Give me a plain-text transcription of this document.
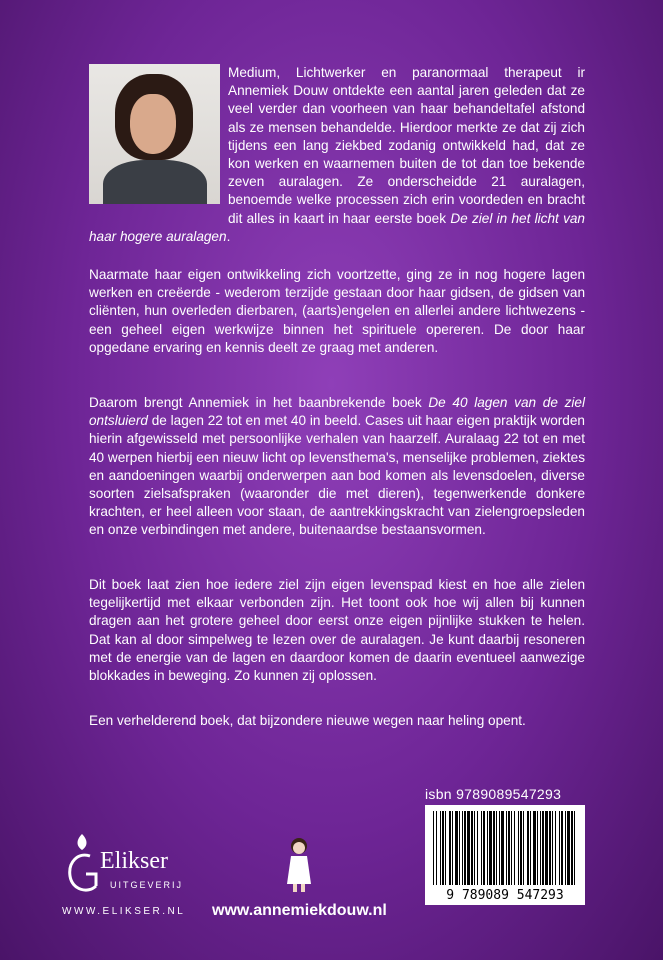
Medium, Lichtwerker en paranormaal therapeut ir Annemiek Douw ontdekte een aantal jaren geleden dat ze veel verder dan voorheen van haar behandeltafel afstond als ze mensen behandelde. Hierdoor merkte ze dat zij zich tijdens een lang ziekbed zodanig ontwikkeld had, dat ze kon werken en waarnemen buiten de tot dan toe bekende zeven auralagen. Ze onderscheidde 21 auralagen, benoemde welke processen zich erin voordeden en bracht dit alles in kaart in haar eerste boek De ziel in het licht van haar hogere auralagen.

Naarmate haar eigen ontwikkeling zich voortzette, ging ze in nog hogere lagen werken en creëerde - wederom terzijde gestaan door haar gidsen, de gidsen van cliënten, hun overleden dierbaren, (aarts)engelen en allerlei andere lichtwezens - een geheel eigen werkwijze binnen het spirituele opereren. De door haar opgedane ervaring en kennis deelt ze graag met anderen.

Daarom brengt Annemiek in het baanbrekende boek De 40 lagen van de ziel ontsluierd de lagen 22 tot en met 40 in beeld. Cases uit haar eigen praktijk worden hierin afgewisseld met persoonlijke verhalen van haarzelf. Auralaag 22 tot en met 40 werpen hierbij een nieuw licht op levensthema's, menselijke problemen, ziektes en aandoeningen waarbij onderwerpen aan bod komen als levensdoelen, diverse soorten zielsafspraken (waaronder die met dieren), tegenwerkende donkere krachten, er heel alleen voor staan, de aantrekkingskracht van zielengroepsleden en onze verbindingen met andere, buitenaardse bestaansvormen.

Dit boek laat zien hoe iedere ziel zijn eigen levenspad kiest en hoe alle zielen tegelijkertijd met elkaar verbonden zijn. Het toont ook hoe wij allen bij kunnen dragen aan het grotere geheel door eerst onze eigen pijnlijke stukken te helen. Dat kan al door simpelweg te lezen over de auralagen. Je kunt daarbij resoneren met de energie van de lagen en daardoor komen de daarin eventueel aanwezige blokkades in beweging. Zo kunnen zij oplossen.

Een verhelderend boek, dat bijzondere nieuwe wegen naar heling opent.

isbn 9789089547293
9 789089 547293
Elikser
UITGEVERIJ
WWW.ELIKSER.NL www.annemiekdouw.nl
